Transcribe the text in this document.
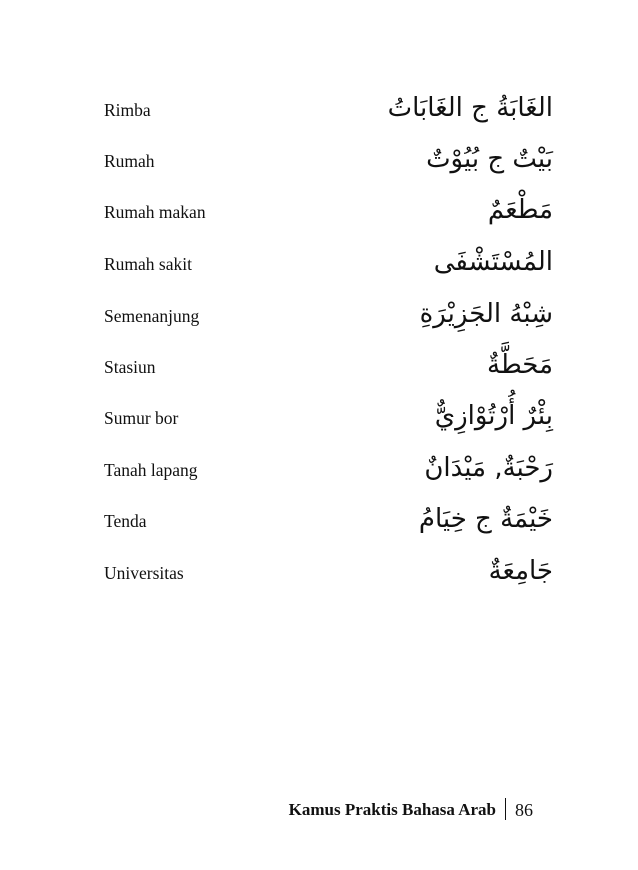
Rimba	الغَابَةُ ج الغَابَاتُ
Rumah	بَيْتٌ ج بُيُوْتٌ
Rumah makan	مَطْعَمٌ
Rumah sakit	المُسْتَشْفَى
Semenanjung	شِبْهُ الجَزِيْرَةِ
Stasiun	مَحَطَّةٌ
Sumur bor	بِئْرٌ أُرْتُوْازِيٌّ
Tanah lapang	رَحْبَةٌ, مَيْدَانٌ
Tenda	خَيْمَةٌ ج خِيَامُ
Universitas	جَامِعَةٌ
Kamus Praktis Bahasa Arab 86
